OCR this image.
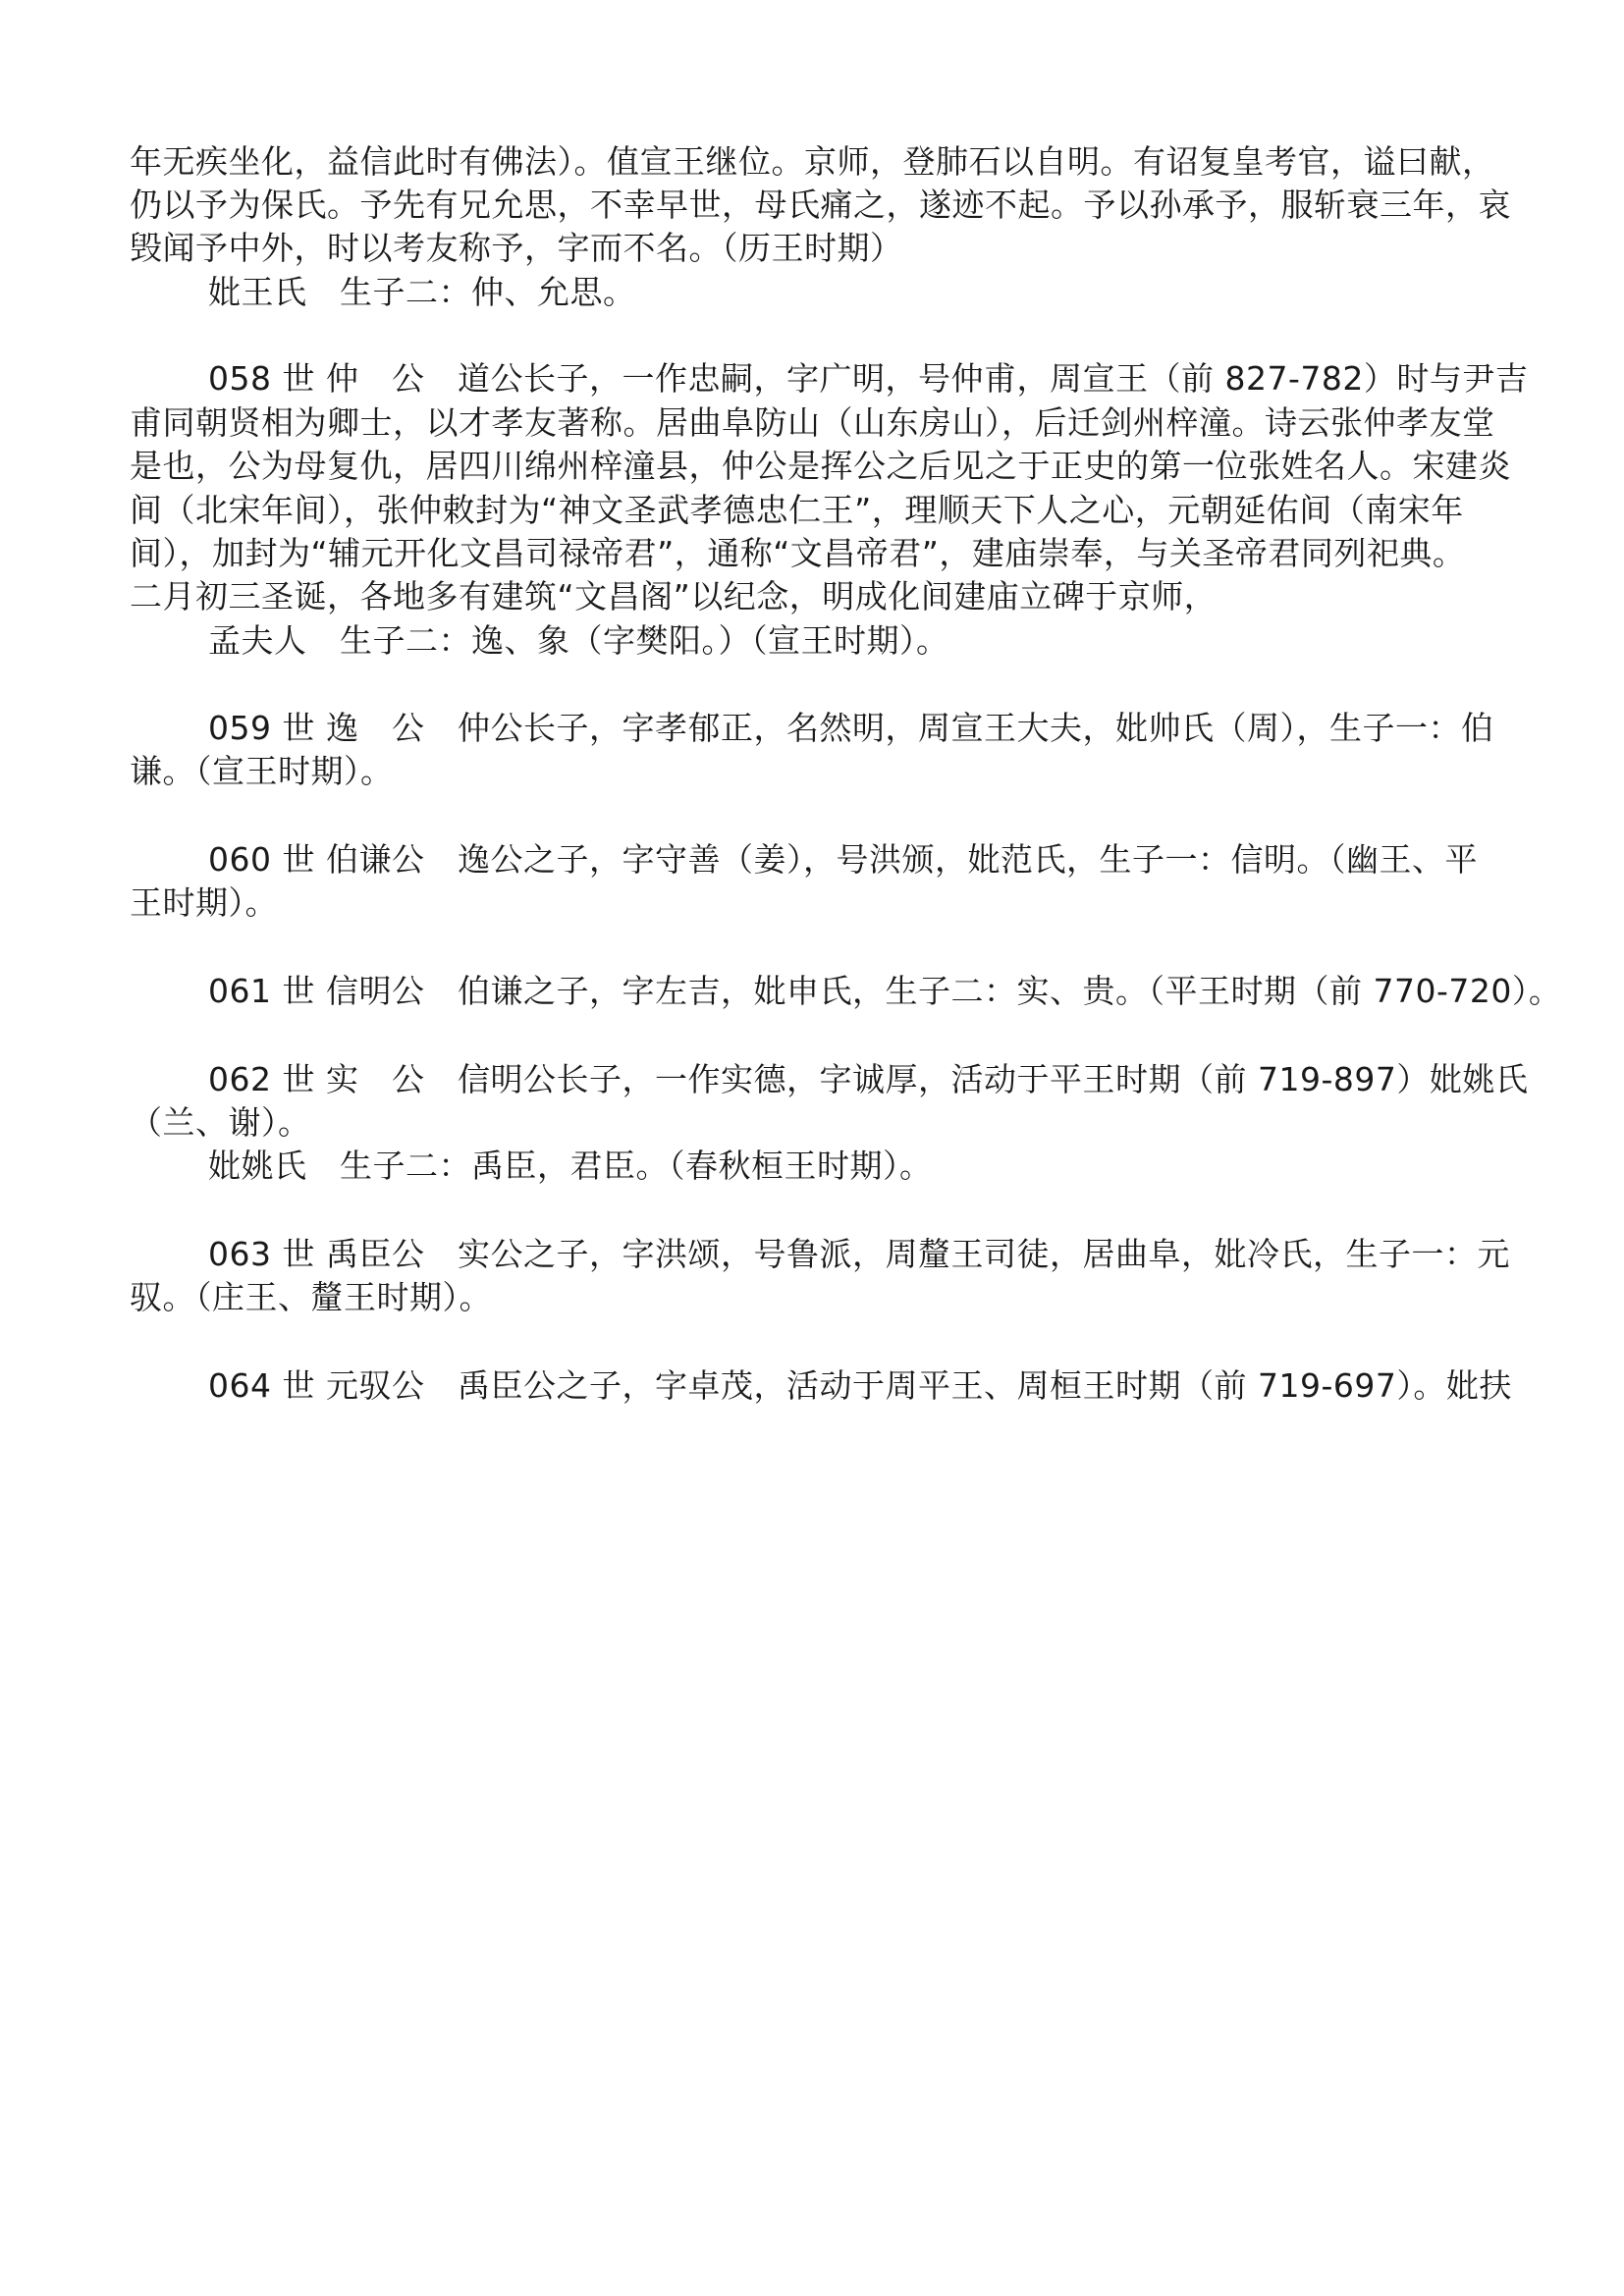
年无疾坐化，益信此时有佛法）。值宣王继位。京师，登肺石以自明。有诏复皇考官，谥曰献，
仍以予为保氏。予先有兄允思，不幸早世，母氏痛之，遂迹不起。予以孙承予，服斩衰三年，哀
毁闻予中外，时以考友称予，字而不名。（历王时期）
妣王氏　生子二：仲、允思。
058 世 仲　公　道公长子，一作忠嗣，字广明，号仲甫，周宣王（前 827-782）时与尹吉
甫同朝贤相为卿士，以才孝友著称。居曲阜防山（山东房山），后迁剑州梓潼。诗云张仲孝友堂
是也，公为母复仇，居四川绵州梓潼县，仲公是挥公之后见之于正史的第一位张姓名人。宋建炎
间（北宋年间），张仲敕封为“神文圣武孝德忠仁王”，理顺天下人之心，元朝延佑间（南宋年
间），加封为“辅元开化文昌司禄帝君”，通称“文昌帝君”，建庙崇奉，与关圣帝君同列祀典。
二月初三圣诞，各地多有建筑“文昌阁”以纪念，明成化间建庙立碑于京师，
孟夫人　生子二：逸、象（字樊阳。）（宣王时期）。
059 世 逸　公　仲公长子，字孝郁正，名然明，周宣王大夫，妣帅氏（周），生子一：伯
谦。（宣王时期）。
060 世 伯谦公　逸公之子，字守善（姜），号洪颁，妣范氏，生子一：信明。（幽王、平
王时期）。
061 世 信明公　伯谦之子，字左吉，妣申氏，生子二：实、贵。（平王时期（前 770-720）。
062 世 实　公　信明公长子，一作实德，字诚厚，活动于平王时期（前 719-897）妣姚氏
（兰、谢）。
妣姚氏　生子二：禹臣，君臣。（春秋桓王时期）。
063 世 禹臣公　实公之子，字洪颂，号鲁派，周釐王司徒，居曲阜，妣冷氏，生子一：元
驭。（庄王、釐王时期）。
064 世 元驭公　禹臣公之子，字卓茂，活动于周平王、周桓王时期（前 719-697）。妣扶
